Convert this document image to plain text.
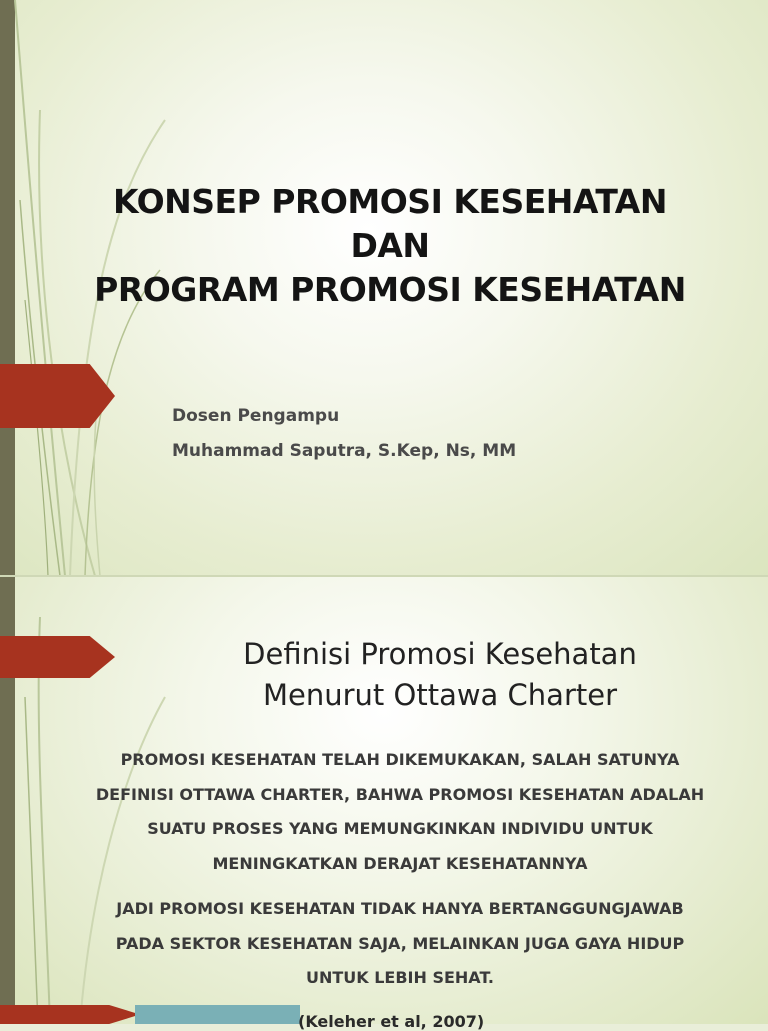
KONSEP PROMOSI KESEHATAN
DAN
PROGRAM PROMOSI KESEHATAN
Dosen Pengampu
Muhammad Saputra, S.Kep, Ns, MM
Definisi Promosi Kesehatan
Menurut Ottawa Charter
PROMOSI KESEHATAN TELAH DIKEMUKAKAN, SALAH SATUNYA
DEFINISI OTTAWA CHARTER, BAHWA PROMOSI KESEHATAN ADALAH
SUATU PROSES YANG MEMUNGKINKAN INDIVIDU UNTUK
MENINGKATKAN DERAJAT KESEHATANNYA
JADI PROMOSI KESEHATAN TIDAK HANYA BERTANGGUNGJAWAB
PADA SEKTOR KESEHATAN SAJA, MELAINKAN JUGA GAYA HIDUP
UNTUK LEBIH SEHAT.
(Keleher et al, 2007)
